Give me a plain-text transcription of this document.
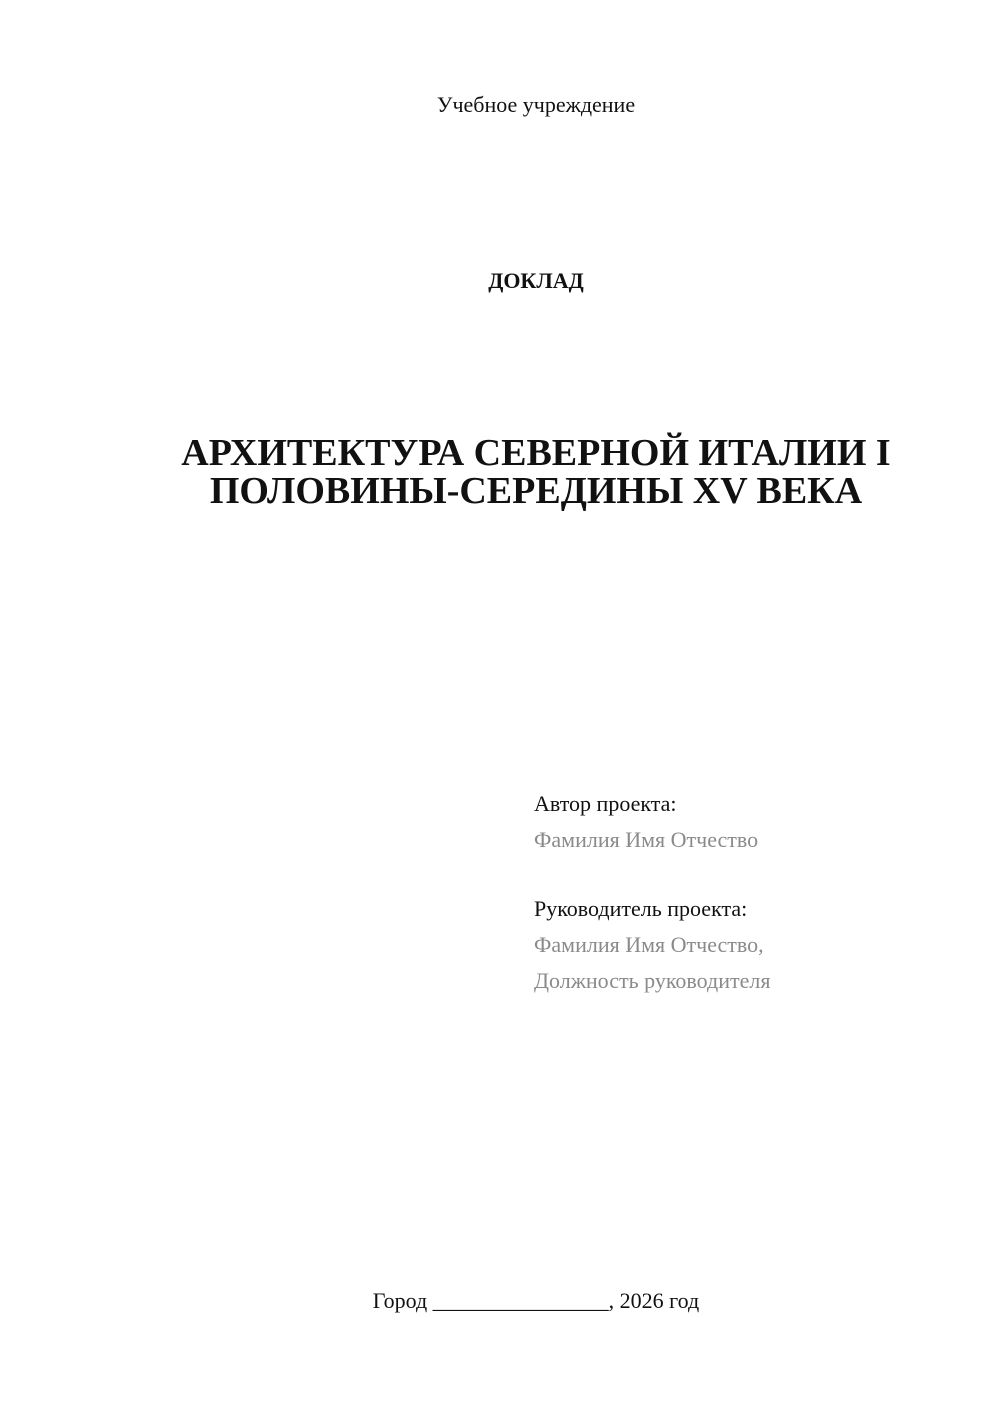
Учебное учреждение
ДОКЛАД
АРХИТЕКТУРА СЕВЕРНОЙ ИТАЛИИ I
ПОЛОВИНЫ-СЕРЕДИНЫ XV ВЕКА
Автор проекта:
Фамилия Имя Отчество
Руководитель проекта:
Фамилия Имя Отчество,
Должность руководителя
Город ________________, 2026 год
